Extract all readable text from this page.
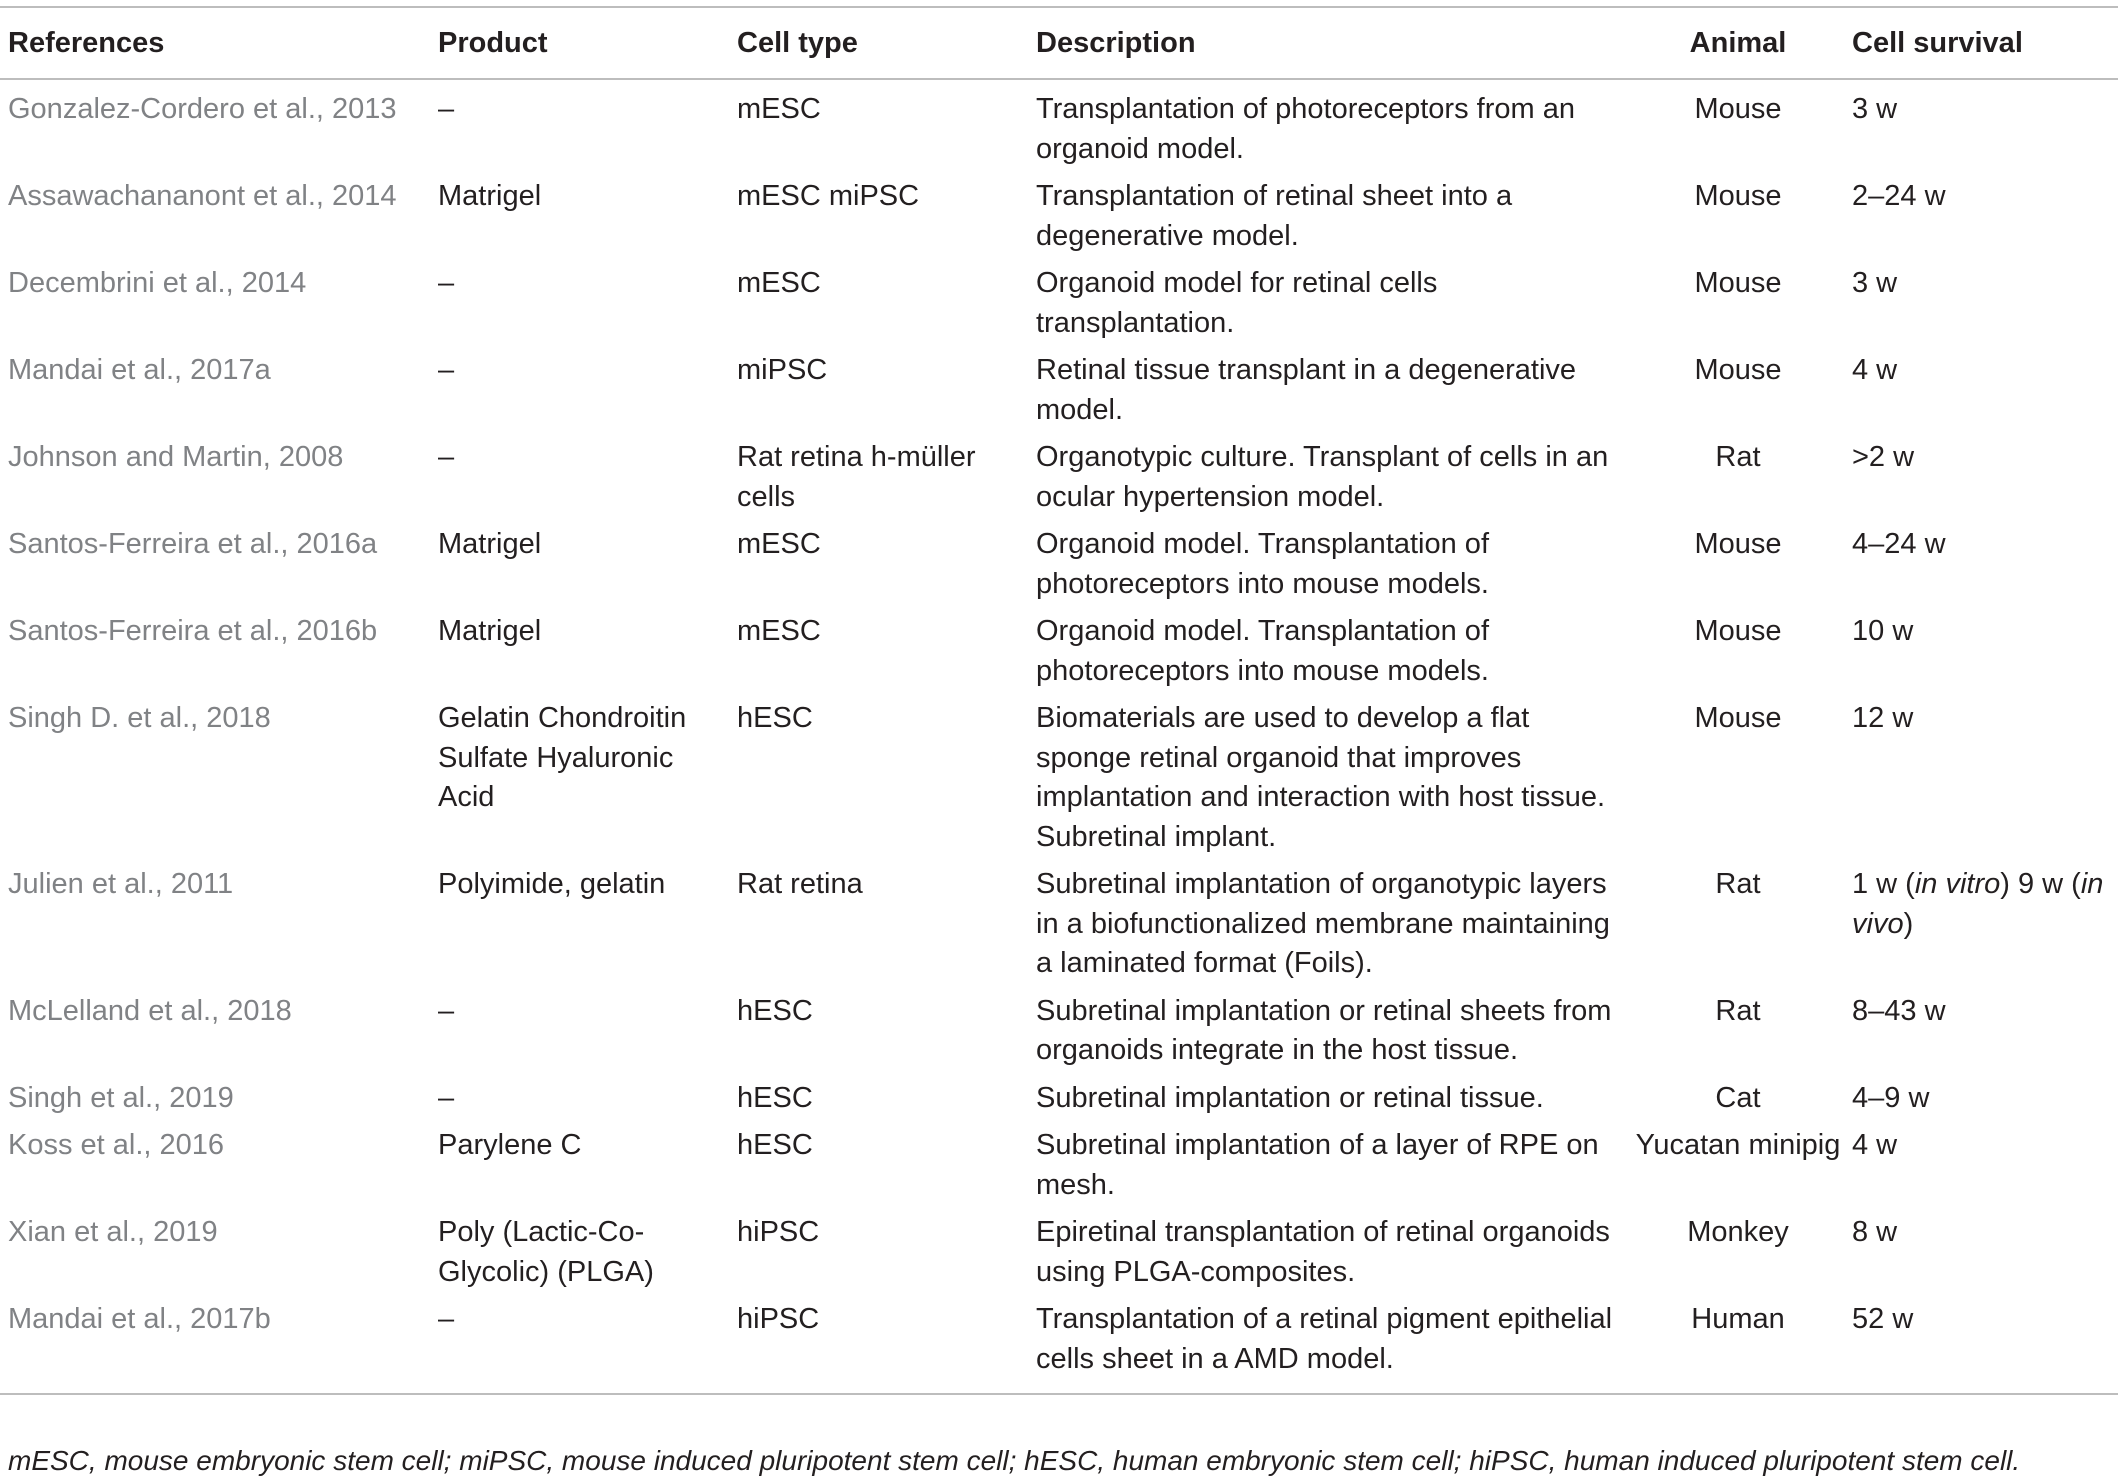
References	Product	Cell type	Description	Animal	Cell survival
Gonzalez-Cordero et al., 2013	–	mESC	Transplantation of photoreceptors from an organoid model.	Mouse	3 w
Assawachananont et al., 2014	Matrigel	mESC miPSC	Transplantation of retinal sheet into a degenerative model.	Mouse	2–24 w
Decembrini et al., 2014	–	mESC	Organoid model for retinal cells transplantation.	Mouse	3 w
Mandai et al., 2017a	–	miPSC	Retinal tissue transplant in a degenerative model.	Mouse	4 w
Johnson and Martin, 2008	–	Rat retina h-müller cells	Organotypic culture. Transplant of cells in an ocular hypertension model.	Rat	>2 w
Santos-Ferreira et al., 2016a	Matrigel	mESC	Organoid model. Transplantation of photoreceptors into mouse models.	Mouse	4–24 w
Santos-Ferreira et al., 2016b	Matrigel	mESC	Organoid model. Transplantation of photoreceptors into mouse models.	Mouse	10 w
Singh D. et al., 2018	Gelatin Chondroitin Sulfate Hyaluronic Acid	hESC	Biomaterials are used to develop a flat sponge retinal organoid that improves implantation and interaction with host tissue. Subretinal implant.	Mouse	12 w
Julien et al., 2011	Polyimide, gelatin	Rat retina	Subretinal implantation of organotypic layers in a biofunctionalized membrane maintaining a laminated format (Foils).	Rat	1 w (in vitro) 9 w (in vivo)
McLelland et al., 2018	–	hESC	Subretinal implantation or retinal sheets from organoids integrate in the host tissue.	Rat	8–43 w
Singh et al., 2019	–	hESC	Subretinal implantation or retinal tissue.	Cat	4–9 w
Koss et al., 2016	Parylene C	hESC	Subretinal implantation of a layer of RPE on mesh.	Yucatan minipig	4 w
Xian et al., 2019	Poly (Lactic-Co-Glycolic) (PLGA)	hiPSC	Epiretinal transplantation of retinal organoids using PLGA-composites.	Monkey	8 w
Mandai et al., 2017b	–	hiPSC	Transplantation of a retinal pigment epithelial cells sheet in a AMD model.	Human	52 w
mESC, mouse embryonic stem cell; miPSC, mouse induced pluripotent stem cell; hESC, human embryonic stem cell; hiPSC, human induced pluripotent stem cell.
